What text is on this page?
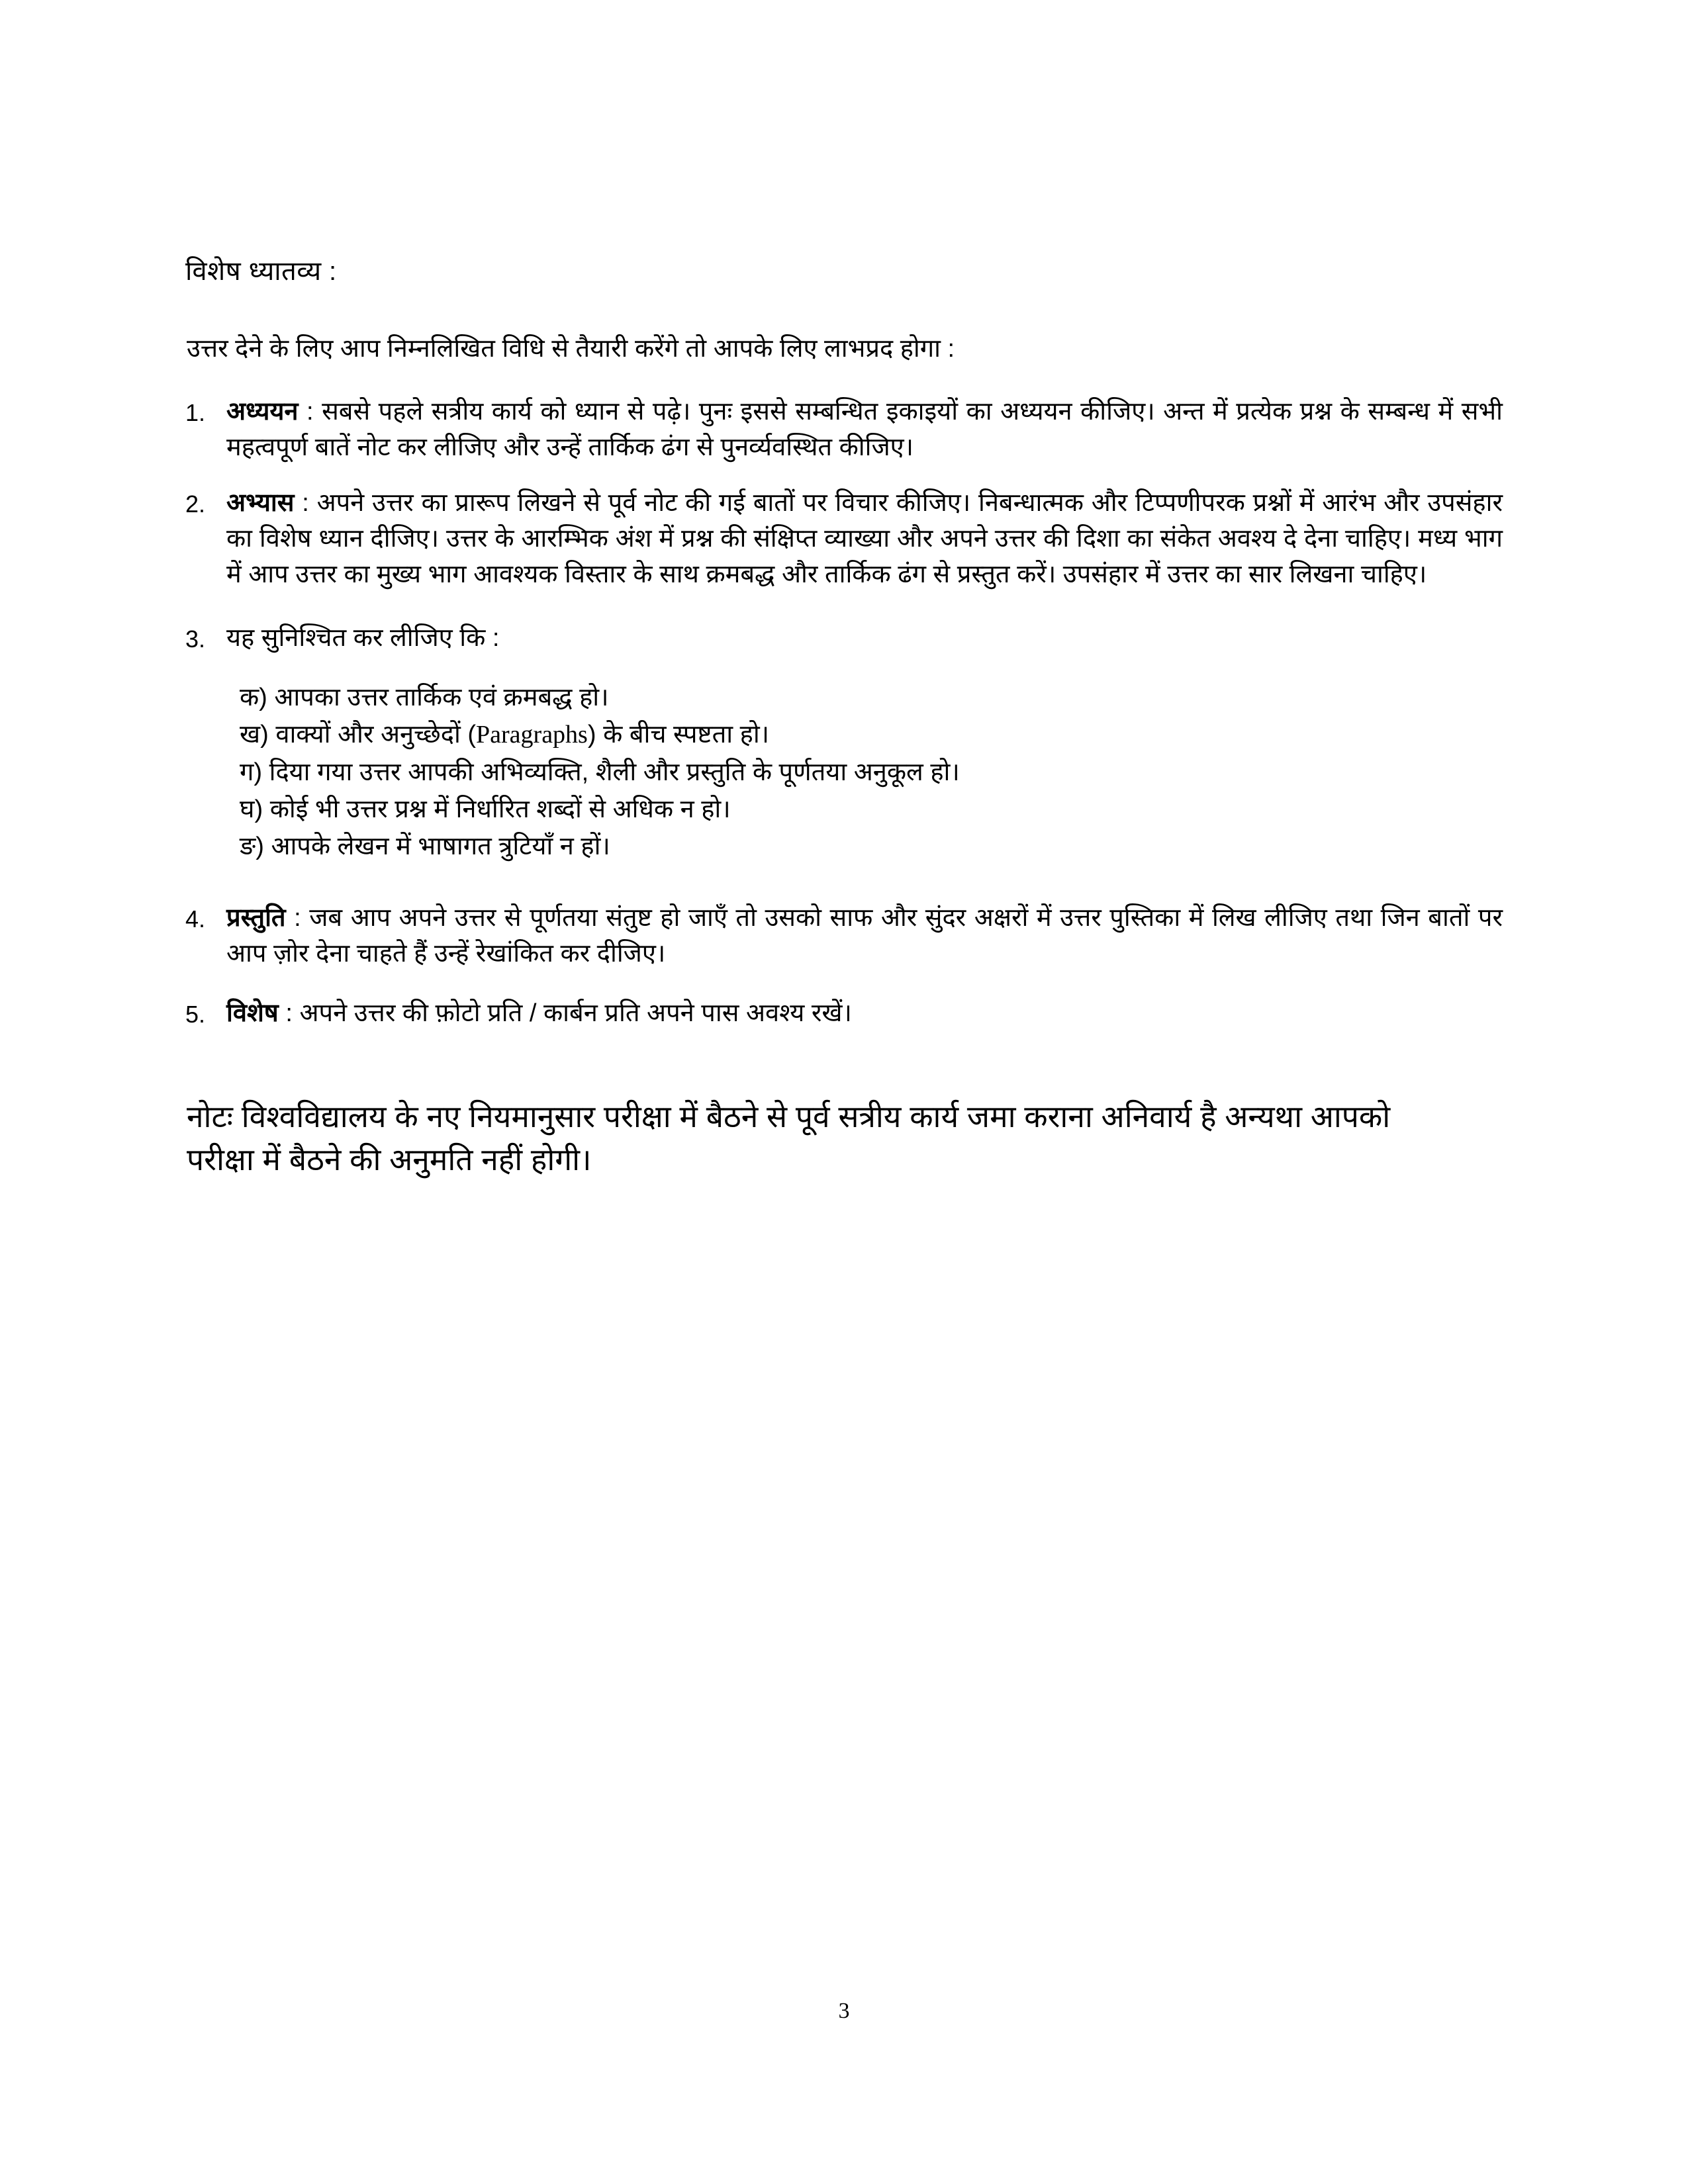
विशेष ध्यातव्य :
उत्तर देने के लिए आप निम्नलिखित विधि से तैयारी करेंगे तो आपके लिए लाभप्रद होगा :
1. अध्ययन : सबसे पहले सत्रीय कार्य को ध्यान से पढ़े। पुनः इससे सम्बन्धित इकाइयों का अध्ययन कीजिए। अन्त में प्रत्येक प्रश्न के सम्बन्ध में सभी महत्वपूर्ण बातें नोट कर लीजिए और उन्हें तार्किक ढंग से पुनर्व्यवस्थित कीजिए।
2. अभ्यास : अपने उत्तर का प्रारूप लिखने से पूर्व नोट की गई बातों पर विचार कीजिए। निबन्धात्मक और टिप्पणीपरक प्रश्नों में आरंभ और उपसंहार का विशेष ध्यान दीजिए। उत्तर के आरम्भिक अंश में प्रश्न की संक्षिप्त व्याख्या और अपने उत्तर की दिशा का संकेत अवश्य दे देना चाहिए। मध्य भाग में आप उत्तर का मुख्य भाग आवश्यक विस्तार के साथ क्रमबद्ध और तार्किक ढंग से प्रस्तुत करें। उपसंहार में उत्तर का सार लिखना चाहिए।
3. यह सुनिश्चित कर लीजिए कि :
क) आपका उत्तर तार्किक एवं क्रमबद्ध हो।
ख) वाक्यों और अनुच्छेदों (Paragraphs) के बीच स्पष्टता हो।
ग) दिया गया उत्तर आपकी अभिव्यक्ति, शैली और प्रस्तुति के पूर्णतया अनुकूल हो।
घ) कोई भी उत्तर प्रश्न में निर्धारित शब्दों से अधिक न हो।
ङ) आपके लेखन में भाषागत त्रुटियाँ न हों।
4. प्रस्तुति : जब आप अपने उत्तर से पूर्णतया संतुष्ट हो जाएँ तो उसको साफ और सुंदर अक्षरों में उत्तर पुस्तिका में लिख लीजिए तथा जिन बातों पर आप ज़ोर देना चाहते हैं उन्हें रेखांकित कर दीजिए।
5. विशेष : अपने उत्तर की फ़ोटो प्रति / कार्बन प्रति अपने पास अवश्य रखें।
नोटः विश्वविद्यालय के नए नियमानुसार परीक्षा में बैठने से पूर्व सत्रीय कार्य जमा कराना अनिवार्य है अन्यथा आपको परीक्षा में बैठने की अनुमति नहीं होगी।
3
